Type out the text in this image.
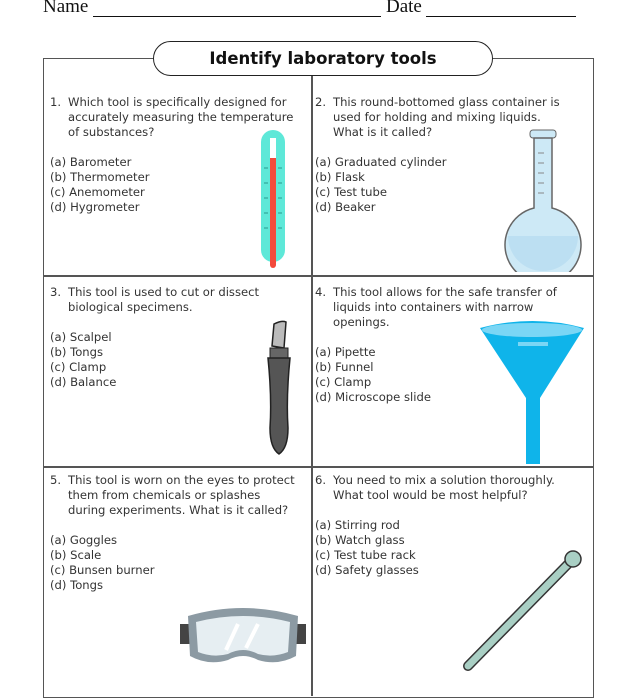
Name	Date
Identify laboratory tools
1. Which tool is specifically designed for accurately measuring the temperature of substances?
(a) Barometer
(b) Thermometer
(c) Anemometer
(d) Hygrometer
2. This round-bottomed glass container is used for holding and mixing liquids. What is it called?
(a) Graduated cylinder
(b) Flask
(c) Test tube
(d) Beaker
3. This tool is used to cut or dissect biological specimens.
(a) Scalpel
(b) Tongs
(c) Clamp
(d) Balance
4. This tool allows for the safe transfer of liquids into containers with narrow openings.
(a) Pipette
(b) Funnel
(c) Clamp
(d) Microscope slide
5. This tool is worn on the eyes to protect them from chemicals or splashes during experiments. What is it called?
(a) Goggles
(b) Scale
(c) Bunsen burner
(d) Tongs
6. You need to mix a solution thoroughly. What tool would be most helpful?
(a) Stirring rod
(b) Watch glass
(c) Test tube rack
(d) Safety glasses
